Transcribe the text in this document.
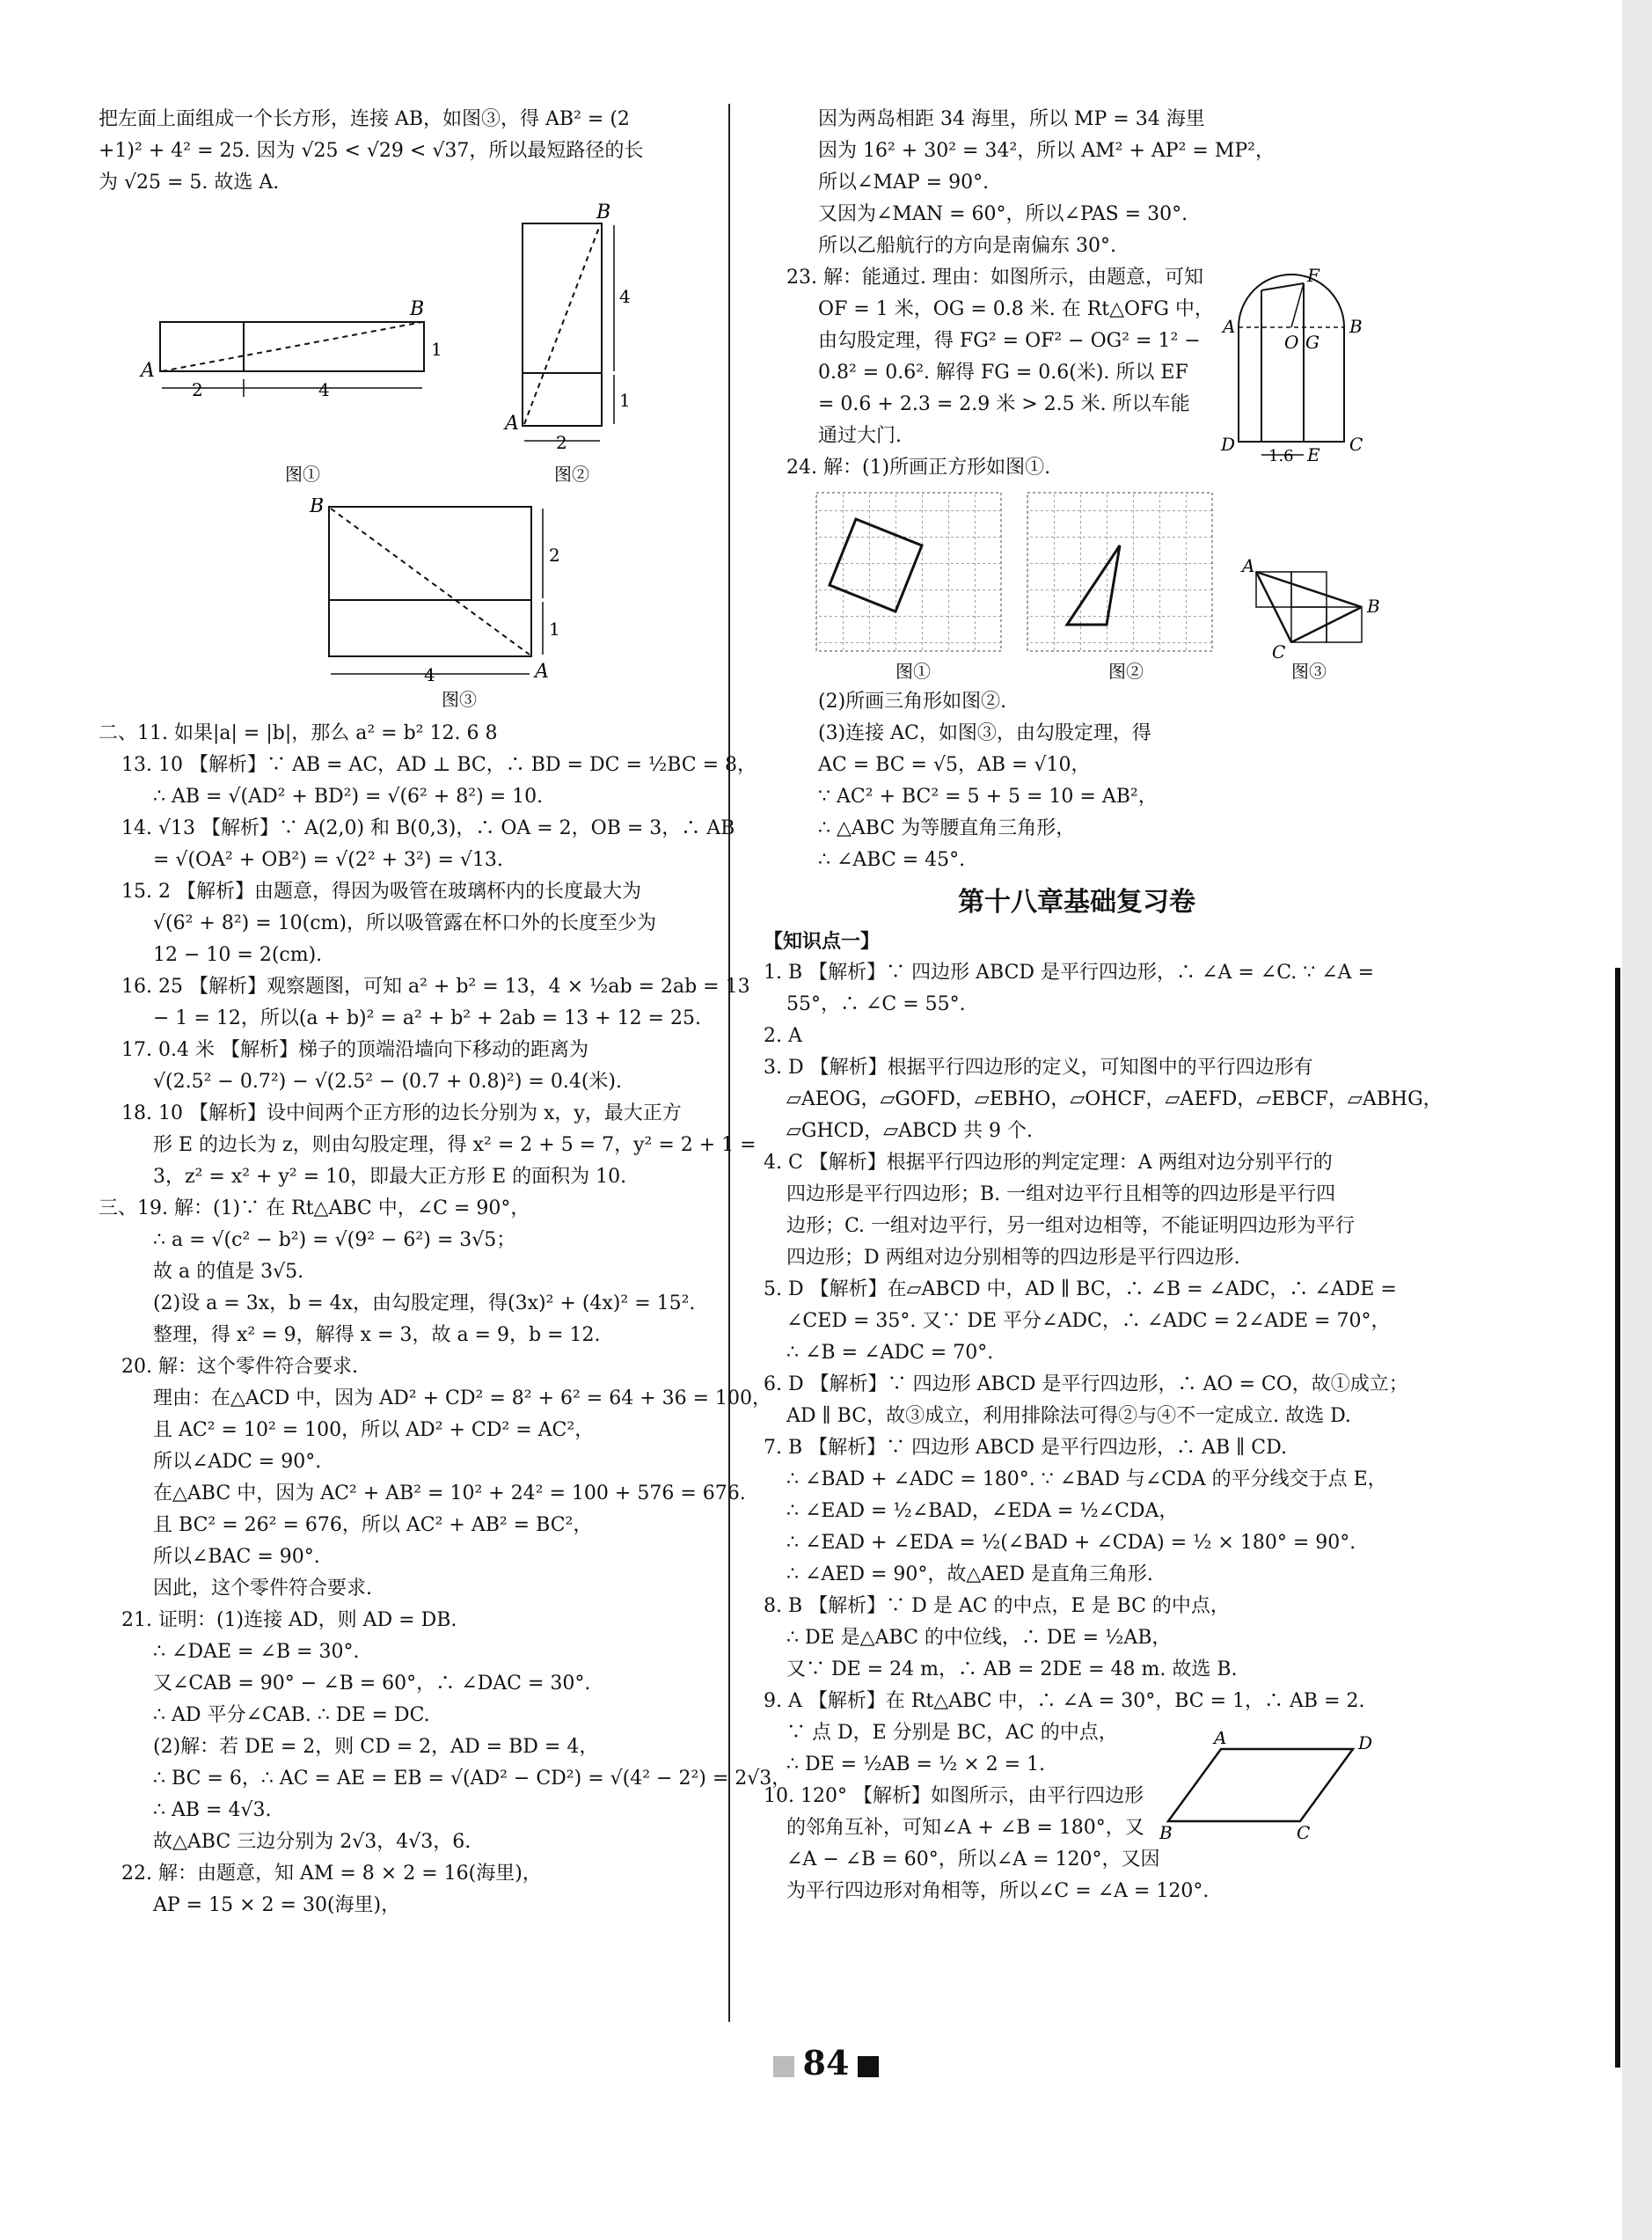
把左面上面组成一个长方形，连接 AB，如图③，得 AB² = (2
+1)² + 4² = 25. 因为 √25 < √29 < √37，所以最短路径的长
为 √25 = 5. 故选 A.
2	4
1
A
B
图①
4
1
2
A
B
图②
2
1
4
B
A
图③
二、11. 如果|a| = |b|，那么 a² = b² 12. 6 8
13. 10 【解析】∵ AB = AC，AD ⊥ BC，∴ BD = DC = ½BC = 8，
∴ AB = √(AD² + BD²) = √(6² + 8²) = 10.
14. √13 【解析】∵ A(2,0) 和 B(0,3)，∴ OA = 2，OB = 3，∴ AB
= √(OA² + OB²) = √(2² + 3²) = √13.
15. 2 【解析】由题意，得因为吸管在玻璃杯内的长度最大为
√(6² + 8²) = 10(cm)，所以吸管露在杯口外的长度至少为
12 − 10 = 2(cm).
16. 25 【解析】观察题图，可知 a² + b² = 13，4 × ½ab = 2ab = 13
− 1 = 12，所以(a + b)² = a² + b² + 2ab = 13 + 12 = 25.
17. 0.4 米 【解析】梯子的顶端沿墙向下移动的距离为
√(2.5² − 0.7²) − √(2.5² − (0.7 + 0.8)²) = 0.4(米).
18. 10 【解析】设中间两个正方形的边长分别为 x，y，最大正方
形 E 的边长为 z，则由勾股定理，得 x² = 2 + 5 = 7，y² = 2 + 1 =
3，z² = x² + y² = 10，即最大正方形 E 的面积为 10.
三、19. 解：(1)∵ 在 Rt△ABC 中，∠C = 90°，
∴ a = √(c² − b²) = √(9² − 6²) = 3√5；
故 a 的值是 3√5.
(2)设 a = 3x，b = 4x，由勾股定理，得(3x)² + (4x)² = 15².
整理，得 x² = 9，解得 x = 3，故 a = 9，b = 12.
20. 解：这个零件符合要求.
理由：在△ACD 中，因为 AD² + CD² = 8² + 6² = 64 + 36 = 100，
且 AC² = 10² = 100，所以 AD² + CD² = AC²，
所以∠ADC = 90°.
在△ABC 中，因为 AC² + AB² = 10² + 24² = 100 + 576 = 676.
且 BC² = 26² = 676，所以 AC² + AB² = BC²，
所以∠BAC = 90°.
因此，这个零件符合要求.
21. 证明：(1)连接 AD，则 AD = DB.
∴ ∠DAE = ∠B = 30°.
又∠CAB = 90° − ∠B = 60°，∴ ∠DAC = 30°.
∴ AD 平分∠CAB. ∴ DE = DC.
(2)解：若 DE = 2，则 CD = 2，AD = BD = 4，
∴ BC = 6，∴ AC = AE = EB = √(AD² − CD²) = √(4² − 2²) = 2√3，
∴ AB = 4√3.
故△ABC 三边分别为 2√3，4√3，6.
22. 解：由题意，知 AM = 8 × 2 = 16(海里)，
AP = 15 × 2 = 30(海里)，
因为两岛相距 34 海里，所以 MP = 34 海里
因为 16² + 30² = 34²，所以 AM² + AP² = MP²，
所以∠MAP = 90°.
又因为∠MAN = 60°，所以∠PAS = 30°.
所以乙船航行的方向是南偏东 30°.
23. 解：能通过. 理由：如图所示，由题意，可知
OF = 1 米，OG = 0.8 米. 在 Rt△OFG 中，
由勾股定理，得 FG² = OF² − OG² = 1² −
0.8² = 0.6². 解得 FG = 0.6(米). 所以 EF
= 0.6 + 2.3 = 2.9 米 > 2.5 米. 所以车能
通过大门.
F
A
O G
B
D	E C
1.6
24. 解：(1)所画正方形如图①.
图①	图②
A
B
C
图③
(2)所画三角形如图②.
(3)连接 AC，如图③，由勾股定理，得
AC = BC = √5，AB = √10，
∵ AC² + BC² = 5 + 5 = 10 = AB²，
∴ △ABC 为等腰直角三角形，
∴ ∠ABC = 45°.
第十八章基础复习卷
【知识点一】
1. B 【解析】∵ 四边形 ABCD 是平行四边形，∴ ∠A = ∠C. ∵ ∠A =
55°，∴ ∠C = 55°.
2. A
3. D 【解析】根据平行四边形的定义，可知图中的平行四边形有
▱AEOG，▱GOFD，▱EBHO，▱OHCF，▱AEFD，▱EBCF，▱ABHG，
▱GHCD，▱ABCD 共 9 个.
4. C 【解析】根据平行四边形的判定定理：A 两组对边分别平行的
四边形是平行四边形；B. 一组对边平行且相等的四边形是平行四
边形；C. 一组对边平行，另一组对边相等，不能证明四边形为平行
四边形；D 两组对边分别相等的四边形是平行四边形.
5. D 【解析】在▱ABCD 中，AD ∥ BC，∴ ∠B = ∠ADC，∴ ∠ADE =
∠CED = 35°. 又∵ DE 平分∠ADC，∴ ∠ADC = 2∠ADE = 70°，
∴ ∠B = ∠ADC = 70°.
6. D 【解析】∵ 四边形 ABCD 是平行四边形，∴ AO = CO，故①成立；
AD ∥ BC，故③成立，利用排除法可得②与④不一定成立. 故选 D.
7. B 【解析】∵ 四边形 ABCD 是平行四边形，∴ AB ∥ CD.
∴ ∠BAD + ∠ADC = 180°. ∵ ∠BAD 与∠CDA 的平分线交于点 E，
∴ ∠EAD = ½∠BAD，∠EDA = ½∠CDA，
∴ ∠EAD + ∠EDA = ½(∠BAD + ∠CDA) = ½ × 180° = 90°.
∴ ∠AED = 90°，故△AED 是直角三角形.
8. B 【解析】∵ D 是 AC 的中点，E 是 BC 的中点，
∴ DE 是△ABC 的中位线，∴ DE = ½AB，
又∵ DE = 24 m，∴ AB = 2DE = 48 m. 故选 B.
9. A 【解析】在 Rt△ABC 中，∴ ∠A = 30°，BC = 1，∴ AB = 2.
∵ 点 D，E 分别是 BC，AC 的中点，
∴ DE = ½AB = ½ × 2 = 1.
10. 120° 【解析】如图所示，由平行四边形
的邻角互补，可知∠A + ∠B = 180°，又
∠A − ∠B = 60°，所以∠A = 120°，又因
为平行四边形对角相等，所以∠C = ∠A = 120°.
A	D
B	C
84
